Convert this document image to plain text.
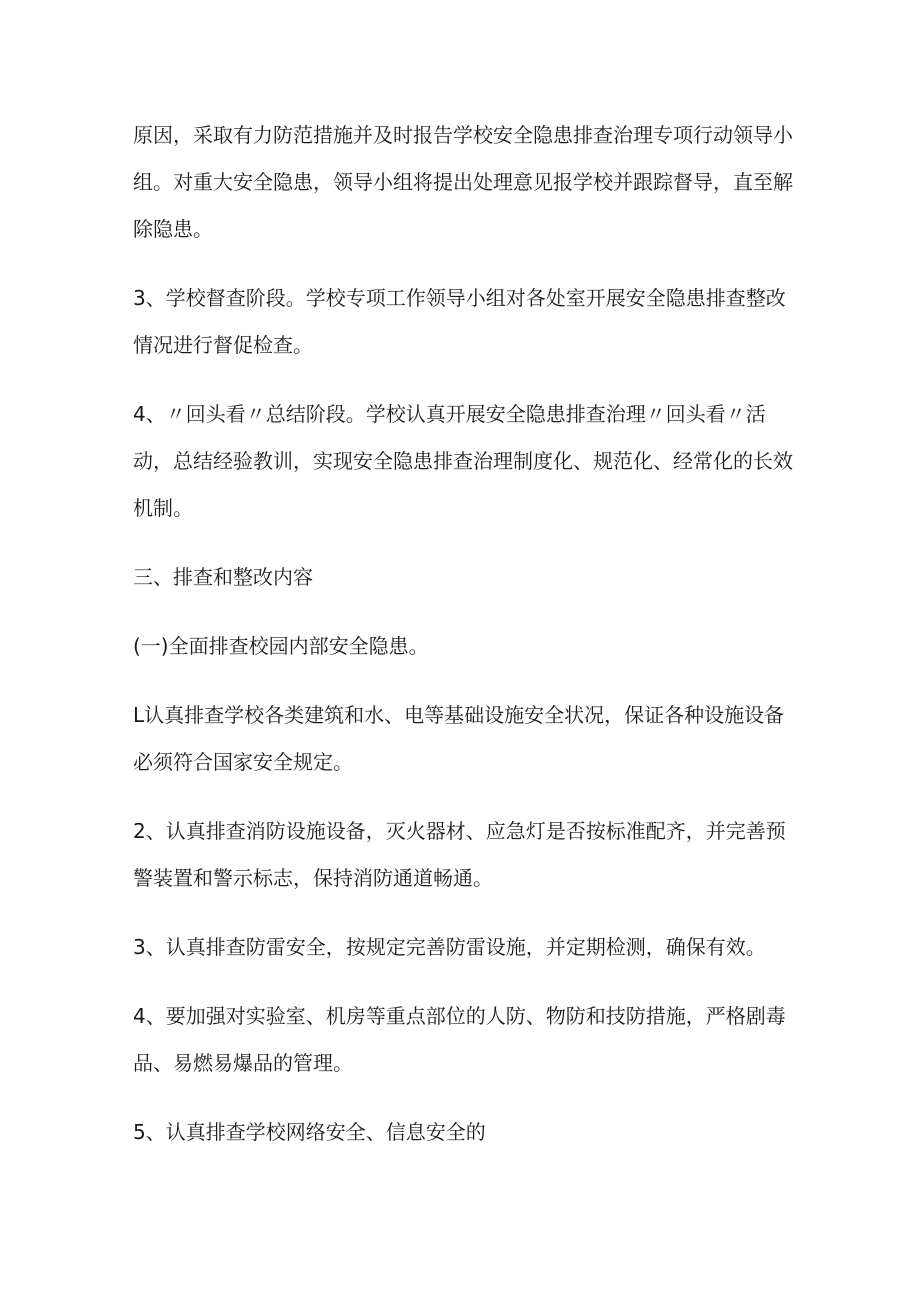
原因，采取有力防范措施并及时报告学校安全隐患排查治理专项行动领导小组。对重大安全隐患，领导小组将提出处理意见报学校并跟踪督导，直至解除隐患。

3、学校督查阶段。学校专项工作领导小组对各处室开展安全隐患排查整改情况进行督促检查。

4、〃回头看〃总结阶段。学校认真开展安全隐患排查治理〃回头看〃活动，总结经验教训，实现安全隐患排查治理制度化、规范化、经常化的长效机制。

三、排查和整改内容

(一)全面排查校园内部安全隐患。

L认真排查学校各类建筑和水、电等基础设施安全状况，保证各种设施设备必须符合国家安全规定。

2、认真排查消防设施设备，灭火器材、应急灯是否按标准配齐，并完善预警装置和警示标志，保持消防通道畅通。

3、认真排查防雷安全，按规定完善防雷设施，并定期检测，确保有效。

4、要加强对实验室、机房等重点部位的人防、物防和技防措施，严格剧毒品、易燃易爆品的管理。

5、认真排查学校网络安全、信息安全的
